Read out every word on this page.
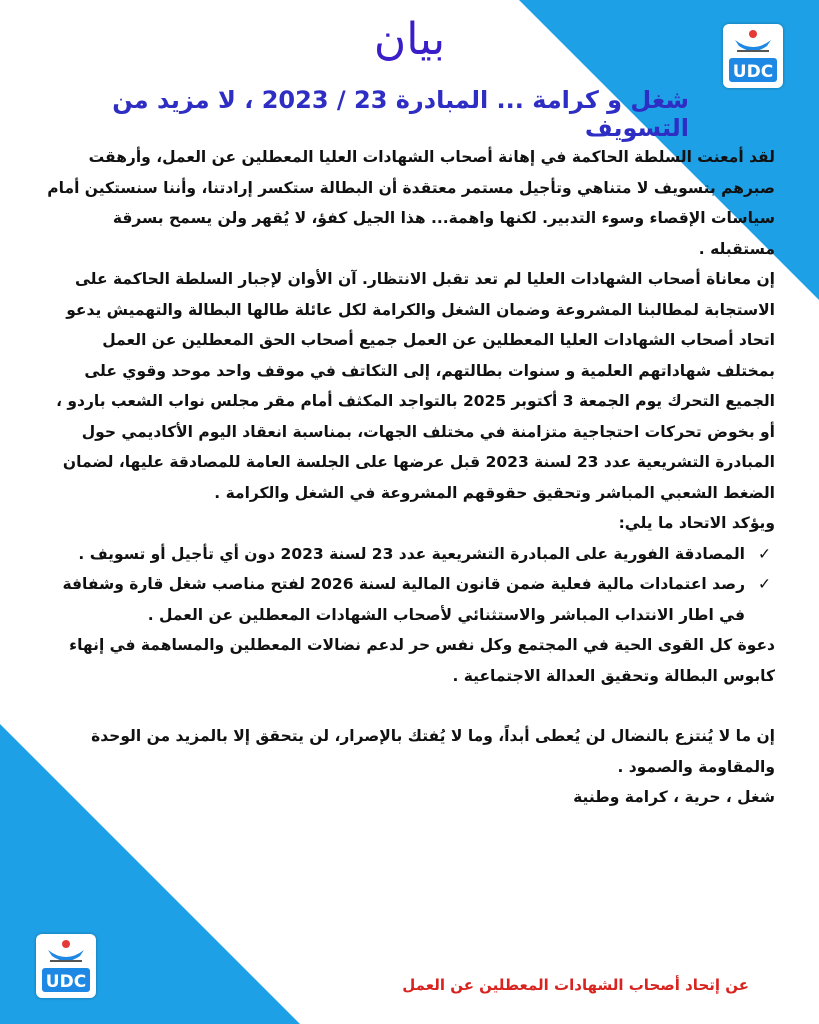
UDC
UDC
بيان
شغل و كرامة ... المبادرة 23 / 2023 ، لا مزيد من التسويف

لقد أمعنت السلطة الحاكمة في إهانة أصحاب الشهادات العليا المعطلين عن العمل، وأرهقت صبرهم بتسويف لا متناهي وتأجيل مستمر معتقدة أن البطالة ستكسر إرادتنا، وأننا سنستكين أمام سياسات الإقصاء وسوء التدبير. لكنها واهمة... هذا الجيل كفؤ، لا يُقهر ولن يسمح بسرقة مستقبله .

إن معاناة أصحاب الشهادات العليا لم تعد تقبل الانتظار. آن الأوان لإجبار السلطة الحاكمة على الاستجابة لمطالبنا المشروعة وضمان الشغل والكرامة لكل عائلة طالها البطالة والتهميش يدعو اتحاد أصحاب الشهادات العليا المعطلين عن العمل جميع أصحاب الحق المعطلين عن العمل بمختلف شهاداتهم العلمية و سنوات بطالتهم، إلى التكاتف في موقف واحد موحد وقوي على الجميع التحرك يوم الجمعة 3 أكتوبر 2025 بالتواجد المكثف أمام مقر مجلس نواب الشعب باردو ، أو بخوض تحركات احتجاجية متزامنة في مختلف الجهات، بمناسبة انعقاد اليوم الأكاديمي حول المبادرة التشريعية عدد 23 لسنة 2023 قبل عرضها على الجلسة العامة للمصادقة عليها، لضمان الضغط الشعبي المباشر وتحقيق حقوقهم المشروعة في الشغل والكرامة .

ويؤكد الاتحاد ما يلي:

✓
المصادقة الفورية على المبادرة التشريعية عدد 23 لسنة 2023 دون أي تأجيل أو تسويف .

✓
رصد اعتمادات مالية فعلية ضمن قانون المالية لسنة 2026 لفتح مناصب شغل قارة وشفافة في اطار الانتداب المباشر والاستثنائي لأصحاب الشهادات المعطلين عن العمل .

دعوة كل القوى الحية في المجتمع وكل نفس حر لدعم نضالات المعطلين والمساهمة في إنهاء كابوس البطالة وتحقيق العدالة الاجتماعية .

إن ما لا يُنتزع بالنضال لن يُعطى أبداً، وما لا يُفتك بالإصرار، لن يتحقق إلا بالمزيد من الوحدة والمقاومة والصمود .

شغل ، حرية ، كرامة وطنية

عن إتحاد أصحاب الشهادات المعطلين عن العمل
